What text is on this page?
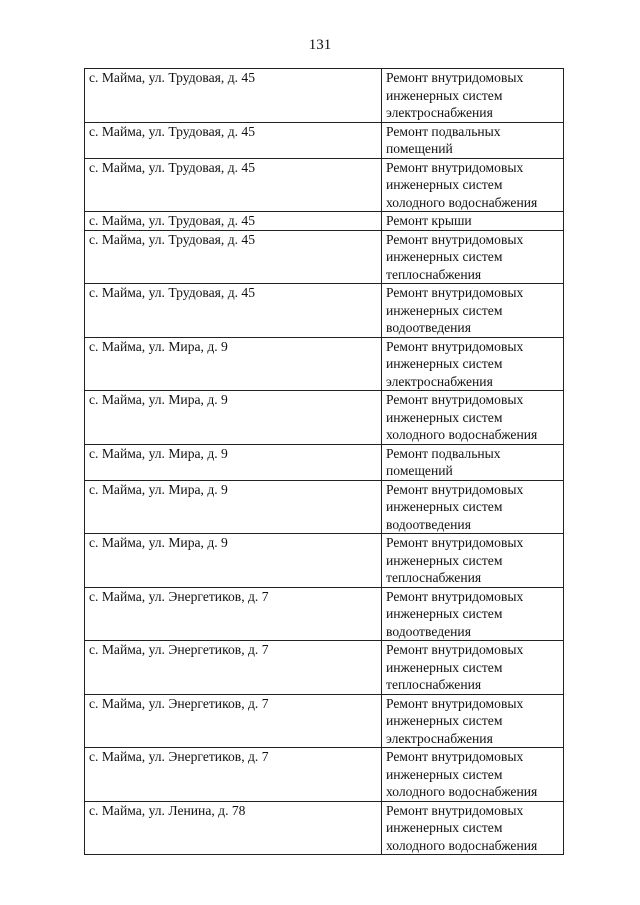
131
с. Майма, ул. Трудовая, д. 45	Ремонт внутридомовых
инженерных систем
электроснабжения

с. Майма, ул. Трудовая, д. 45	Ремонт подвальных
помещений

с. Майма, ул. Трудовая, д. 45	Ремонт внутридомовых
инженерных систем
холодного водоснабжения

с. Майма, ул. Трудовая, д. 45	Ремонт крыши

с. Майма, ул. Трудовая, д. 45	Ремонт внутридомовых
инженерных систем
теплоснабжения

с. Майма, ул. Трудовая, д. 45	Ремонт внутридомовых
инженерных систем
водоотведения

с. Майма, ул. Мира, д. 9	Ремонт внутридомовых
инженерных систем
электроснабжения

с. Майма, ул. Мира, д. 9	Ремонт внутридомовых
инженерных систем
холодного водоснабжения

с. Майма, ул. Мира, д. 9	Ремонт подвальных
помещений

с. Майма, ул. Мира, д. 9	Ремонт внутридомовых
инженерных систем
водоотведения

с. Майма, ул. Мира, д. 9	Ремонт внутридомовых
инженерных систем
теплоснабжения

с. Майма, ул. Энергетиков, д. 7	Ремонт внутридомовых
инженерных систем
водоотведения

с. Майма, ул. Энергетиков, д. 7	Ремонт внутридомовых
инженерных систем
теплоснабжения

с. Майма, ул. Энергетиков, д. 7	Ремонт внутридомовых
инженерных систем
электроснабжения

с. Майма, ул. Энергетиков, д. 7	Ремонт внутридомовых
инженерных систем
холодного водоснабжения

с. Майма, ул. Ленина, д. 78	Ремонт внутридомовых
инженерных систем
холодного водоснабжения
